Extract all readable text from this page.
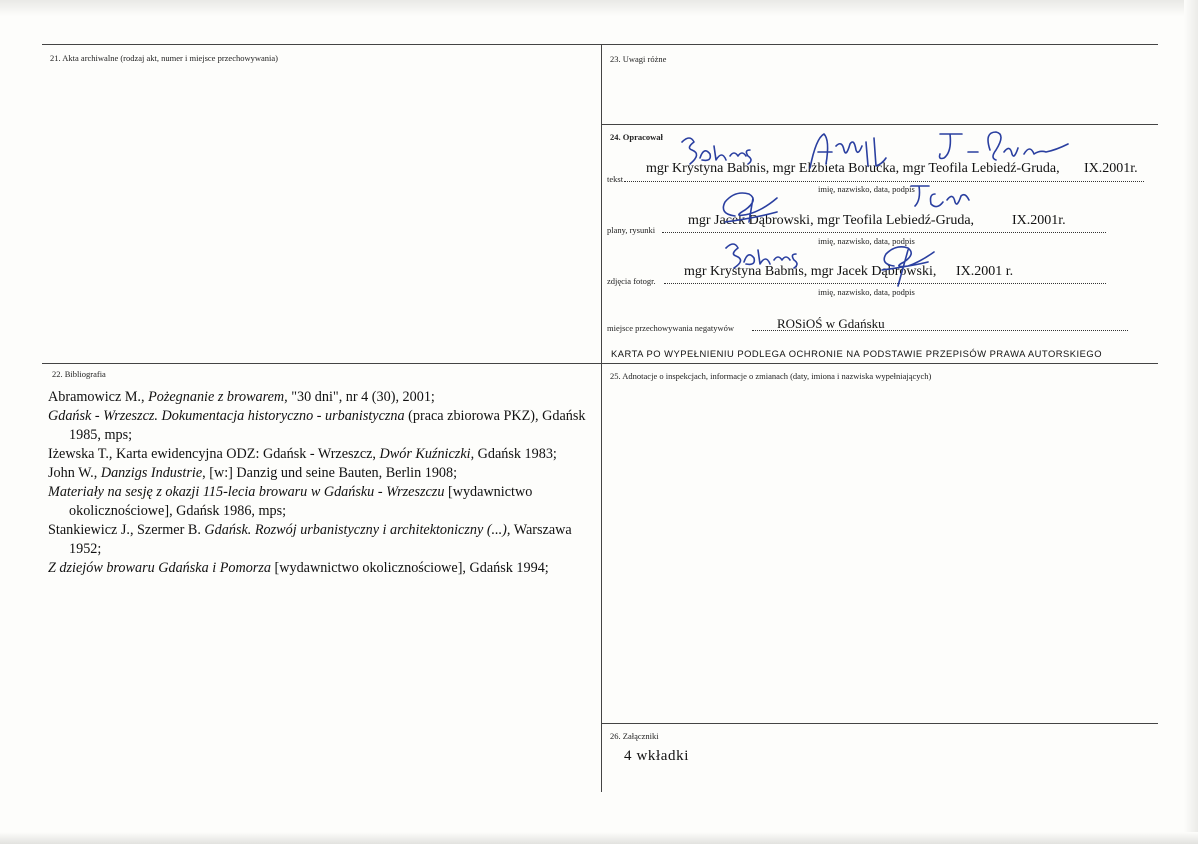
21. Akta archiwalne (rodzaj akt, numer i miejsce przechowywania)	23. Uwagi różne
24. Opracował
tekst
mgr Krystyna Babnis, mgr Elżbieta Borucka, mgr Teofila Lebiedź-Gruda, IX.2001r.
imię, nazwisko, data, podpis
plany, rysunki
mgr Jacek Dąbrowski, mgr Teofila Lebiedź-Gruda,	IX.2001r.
imię, nazwisko, data, podpis
zdjęcia fotogr.
mgr Krystyna Babnis, mgr Jacek Dąbrowski, IX.2001 r.
imię, nazwisko, data, podpis
miejsce przechowywania negatywów	ROSiOŚ w Gdańsku
KARTA PO WYPEŁNIENIU PODLEGA OCHRONIE NA PODSTAWIE PRZEPISÓW PRAWA AUTORSKIEGO
22. Bibliografia

Abramowicz M., Pożegnanie z browarem, "30 dni", nr 4 (30), 2001;

Gdańsk - Wrzeszcz. Dokumentacja historyczno - urbanistyczna (praca zbiorowa PKZ), Gdańsk 1985, mps;

Iżewska T., Karta ewidencyjna ODZ: Gdańsk - Wrzeszcz, Dwór Kuźniczki, Gdańsk 1983;

John W., Danzigs Industrie, [w:] Danzig und seine Bauten, Berlin 1908;

Materiały na sesję z okazji 115-lecia browaru w Gdańsku - Wrzeszczu [wydawnictwo okolicznościowe], Gdańsk 1986, mps;

Stankiewicz J., Szermer B. Gdańsk. Rozwój urbanistyczny i architektoniczny (...), Warszawa 1952;

Z dziejów browaru Gdańska i Pomorza [wydawnictwo okolicznościowe], Gdańsk 1994;

25. Adnotacje o inspekcjach, informacje o zmianach (daty, imiona i nazwiska wypełniających)
26. Załączniki
4 wkładki
